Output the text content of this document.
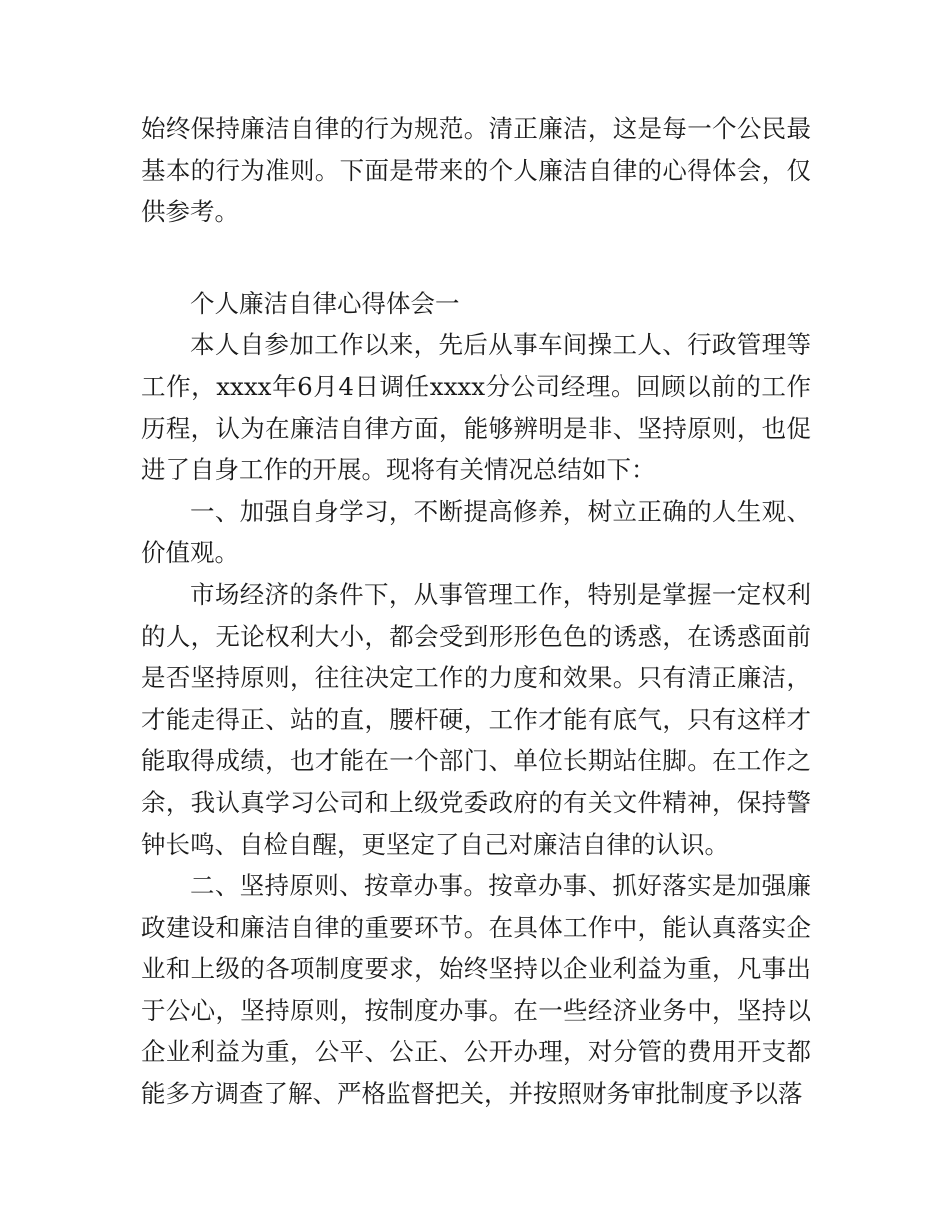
始终保持廉洁自律的行为规范。清正廉洁，这是每一个公民最基本的行为准则。下面是带来的个人廉洁自律的心得体会，仅供参考。

个人廉洁自律心得体会一

本人自参加工作以来，先后从事车间操工人、行政管理等工作，xxxx年6月4日调任xxxx分公司经理。回顾以前的工作历程，认为在廉洁自律方面，能够辨明是非、坚持原则，也促进了自身工作的开展。现将有关情况总结如下：

一、加强自身学习，不断提高修养，树立正确的人生观、价值观。

市场经济的条件下，从事管理工作，特别是掌握一定权利的人，无论权利大小，都会受到形形色色的诱惑，在诱惑面前是否坚持原则，往往决定工作的力度和效果。只有清正廉洁，才能走得正、站的直，腰杆硬，工作才能有底气，只有这样才能取得成绩，也才能在一个部门、单位长期站住脚。在工作之余，我认真学习公司和上级党委政府的有关文件精神，保持警钟长鸣、自检自醒，更坚定了自己对廉洁自律的认识。

二、坚持原则、按章办事。按章办事、抓好落实是加强廉政建设和廉洁自律的重要环节。在具体工作中，能认真落实企业和上级的各项制度要求，始终坚持以企业利益为重，凡事出于公心，坚持原则，按制度办事。在一些经济业务中，坚持以企业利益为重，公平、公正、公开办理，对分管的费用开支都能多方调查了解、严格监督把关，并按照财务审批制度予以落
